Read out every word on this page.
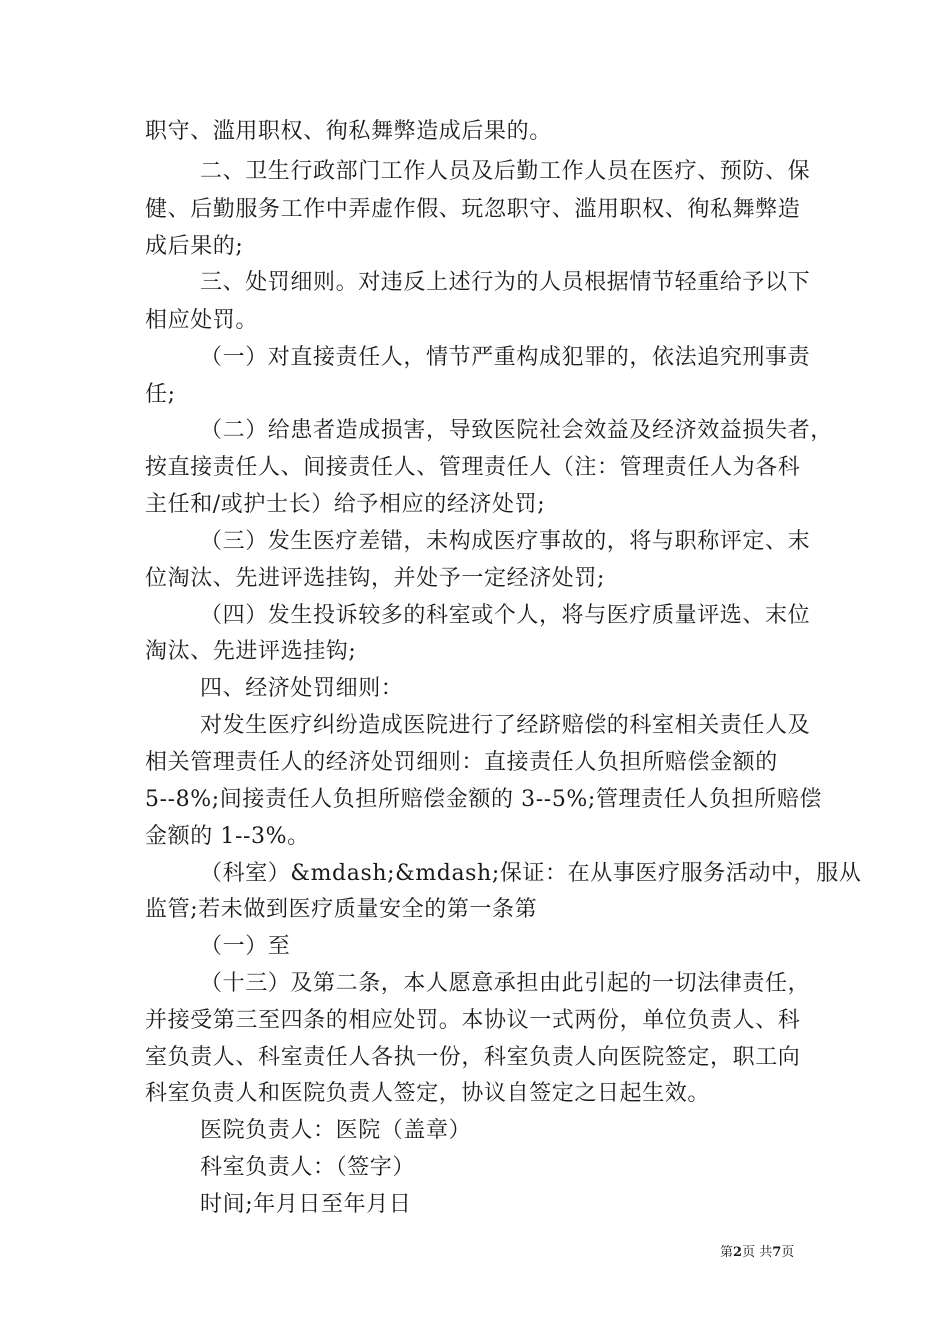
职守、滥用职权、徇私舞弊造成后果的。
二、卫生行政部门工作人员及后勤工作人员在医疗、预防、保
健、后勤服务工作中弄虚作假、玩忽职守、滥用职权、徇私舞弊造
成后果的;
三、处罚细则。对违反上述行为的人员根据情节轻重给予以下
相应处罚。
（一）对直接责任人，情节严重构成犯罪的，依法追究刑事责
任;
（二）给患者造成损害，导致医院社会效益及经济效益损失者，
按直接责任人、间接责任人、管理责任人（注：管理责任人为各科
主任和/或护士长）给予相应的经济处罚;
（三）发生医疗差错，未构成医疗事故的，将与职称评定、末
位淘汰、先进评选挂钩，并处予一定经济处罚;
（四）发生投诉较多的科室或个人，将与医疗质量评选、末位
淘汰、先进评选挂钩;
四、经济处罚细则：
对发生医疗纠纷造成医院进行了经跻赔偿的科室相关责任人及
相关管理责任人的经济处罚细则：直接责任人负担所赔偿金额的
5--8%;间接责任人负担所赔偿金额的 3--5%;管理责任人负担所赔偿
金额的 1--3%。
（科室）&mdash;&mdash;保证：在从事医疗服务活动中，服从
监管;若未做到医疗质量安全的第一条第
（一）至
（十三）及第二条，本人愿意承担由此引起的一切法律责任，
并接受第三至四条的相应处罚。本协议一式两份，单位负责人、科
室负责人、科室责任人各执一份，科室负责人向医院签定，职工向
科室负责人和医院负责人签定，协议自签定之日起生效。
医院负责人：医院（盖章）
科室负责人：（签字）
时间;年月日至年月日
第2页 共7页
